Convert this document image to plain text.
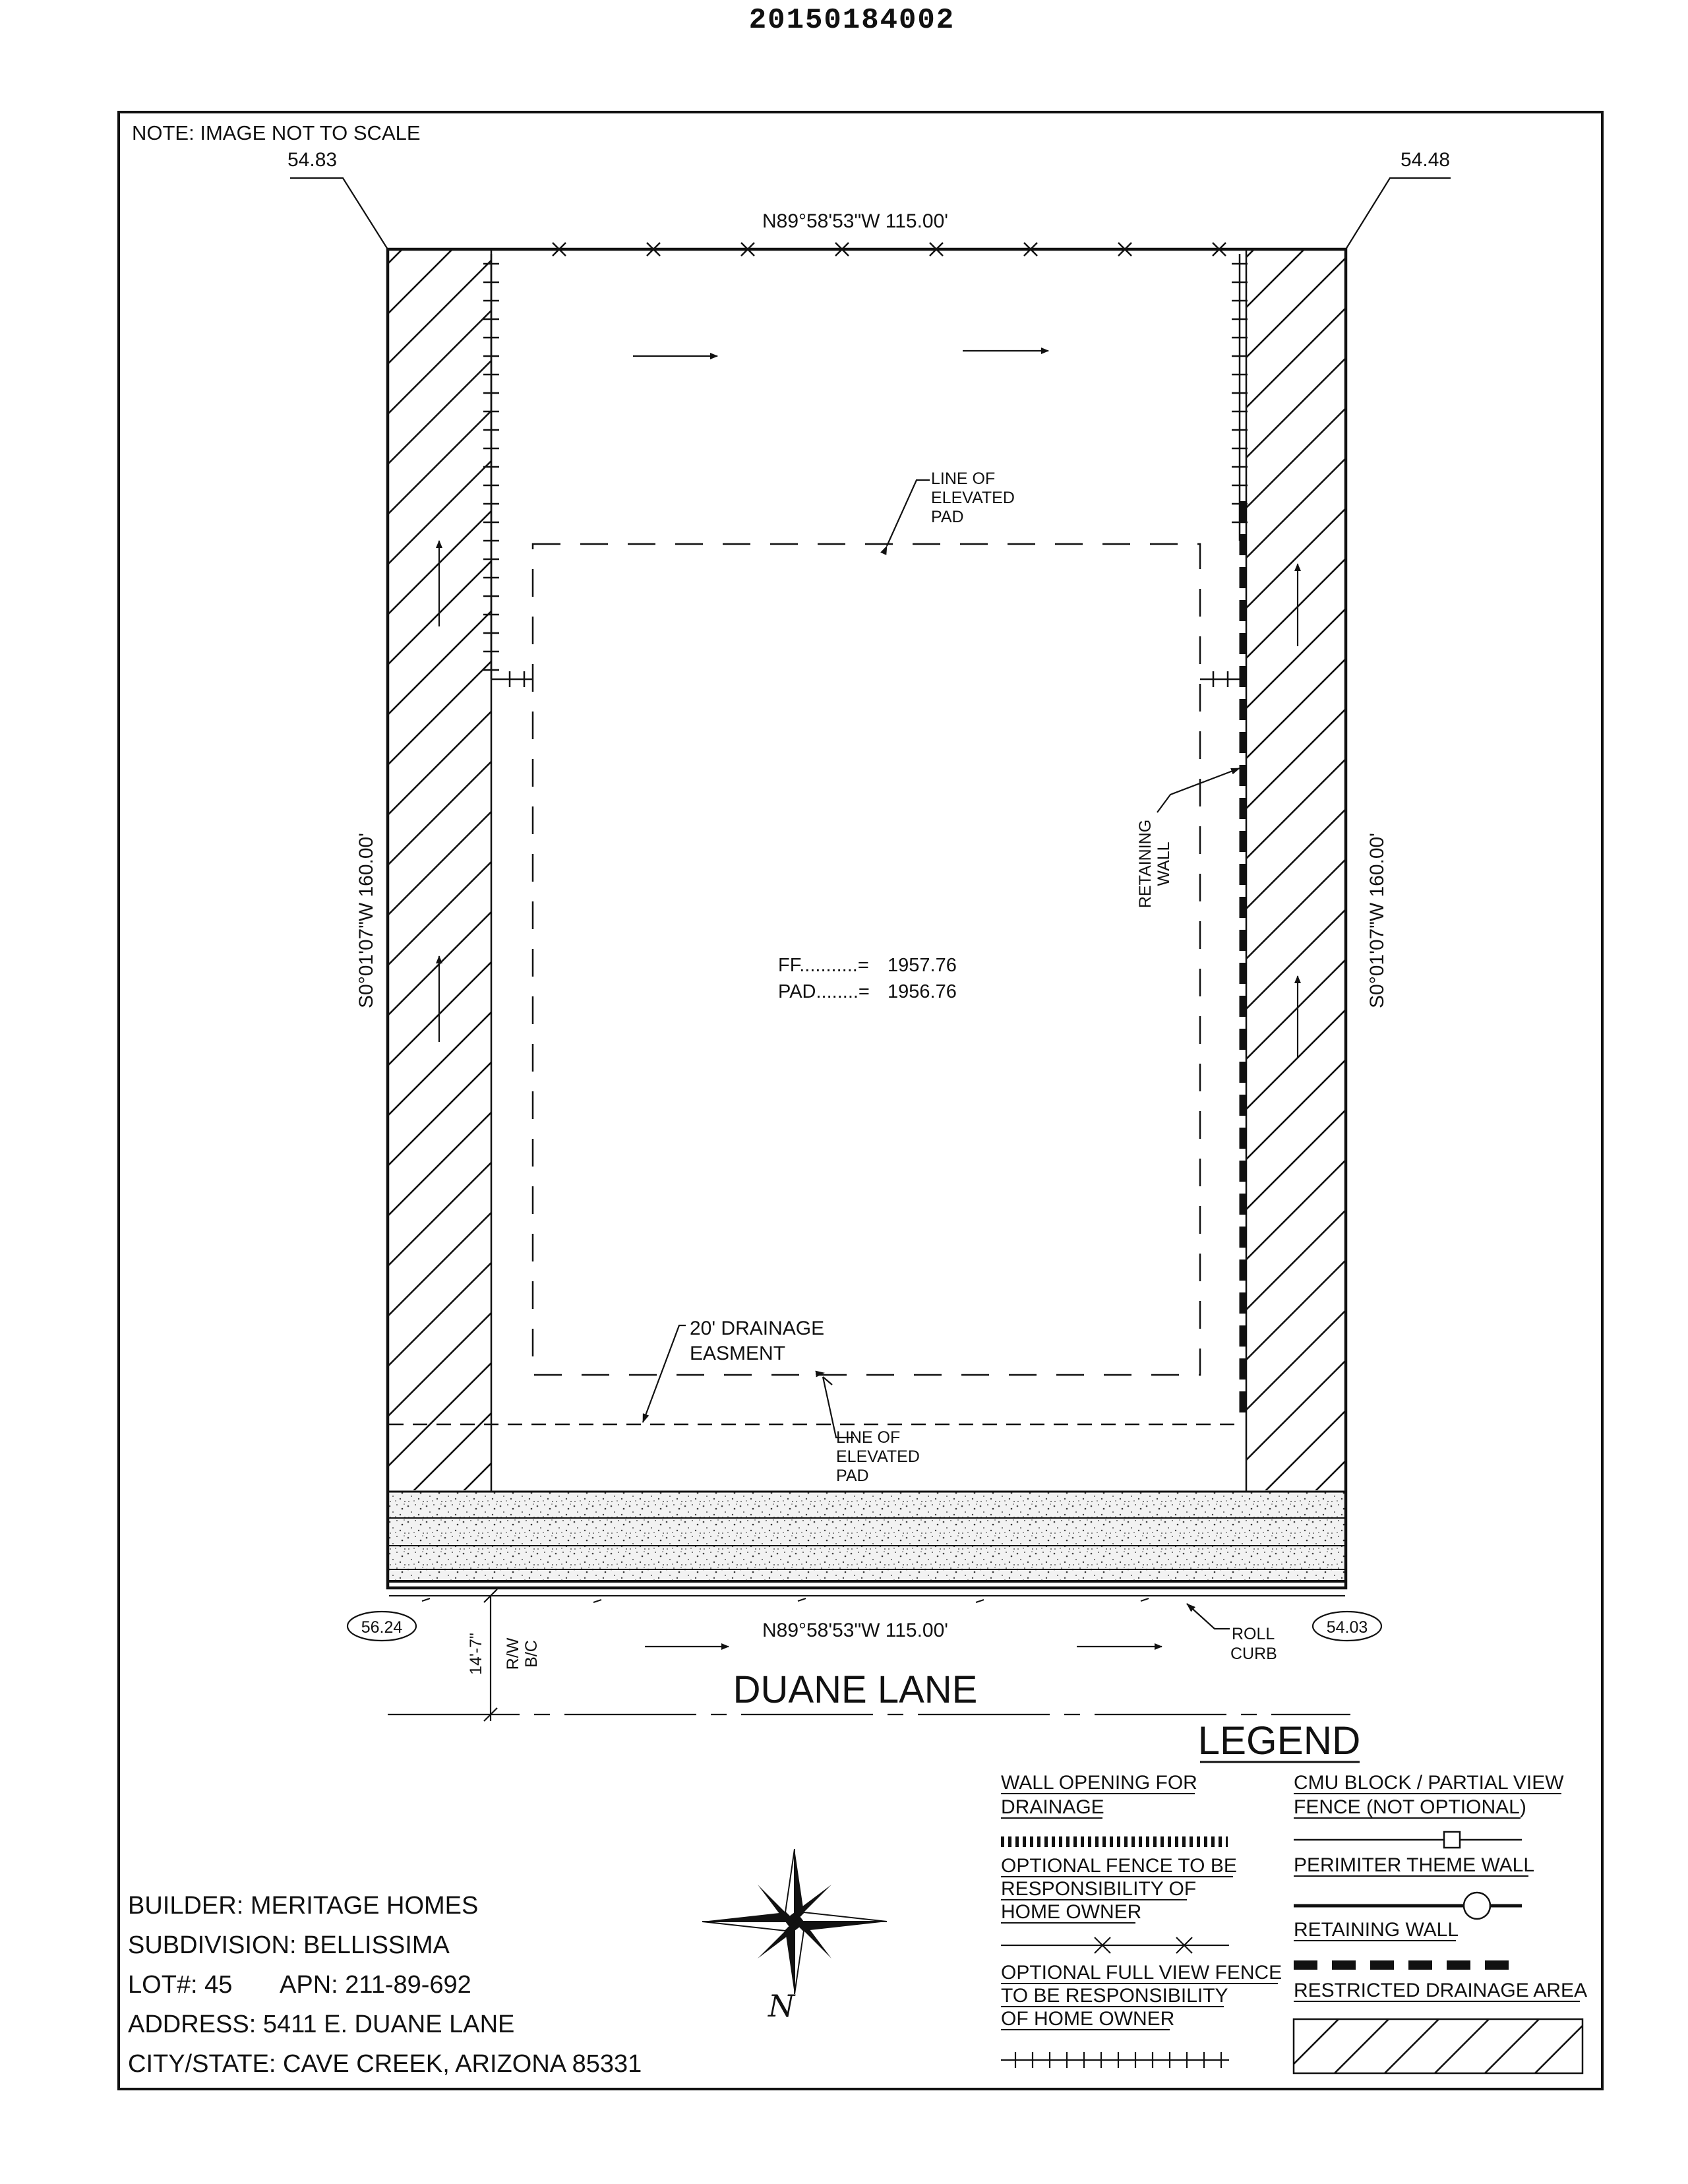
20150184002
NOTE: IMAGE NOT TO SCALE
54.83	54.48
56.24	54.03
N89°58'53"W 115.00'
N89°58'53"W 115.00'
S0°01'07"W 160.00'	S0°01'07"W 160.00'
LINE OF
ELEVATED
PAD
RETAINING WALL
FF...........= 1957.76
PAD........= 1956.76
20' DRAINAGE
EASMENT
LINE OF
ELEVATED
PAD
ROLL
CURB
14'-7" R/W B/C
DUANE LANE
LEGEND
WALL OPENING FOR
DRAINAGE
OPTIONAL FENCE TO BE
RESPONSIBILITY OF
HOME OWNER
OPTIONAL FULL VIEW FENCE
TO BE RESPONSIBILITY
OF HOME OWNER
CMU BLOCK / PARTIAL VIEW
FENCE (NOT OPTIONAL)
PERIMITER THEME WALL
RETAINING WALL
RESTRICTED DRAINAGE AREA
N
BUILDER: MERITAGE HOMES
SUBDIVISION: BELLISSIMA
LOT#: 45 APN: 211-89-692
ADDRESS: 5411 E. DUANE LANE
CITY/STATE: CAVE CREEK, ARIZONA 85331
